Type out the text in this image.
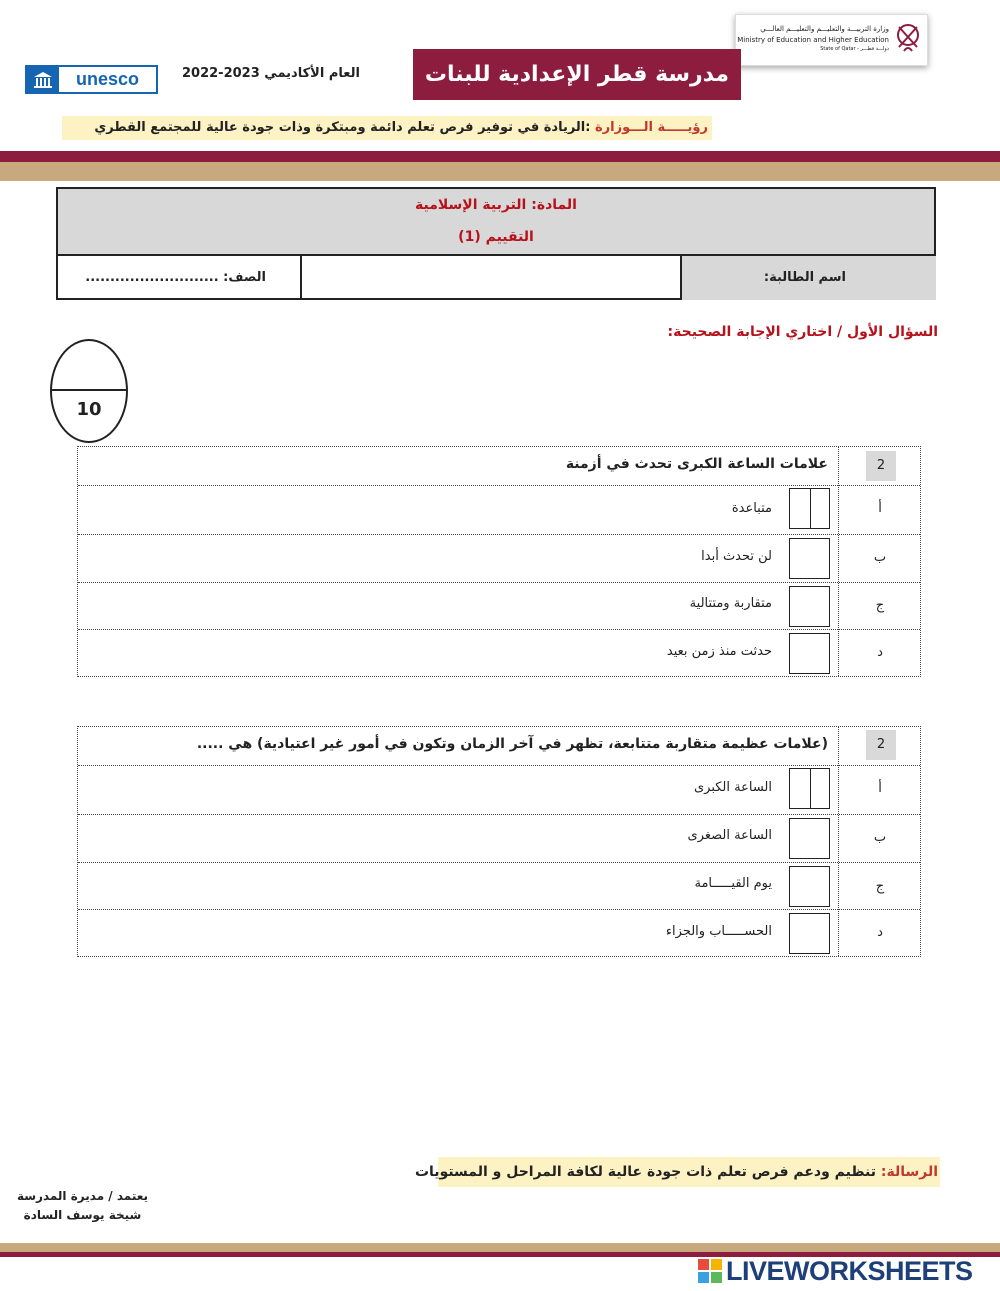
وزارة التربيـــة والتعليـــم والتعليـــم العالـــي
Ministry of Education and Higher Education
State of Qatar - دولـــة قطـــر
مدرسة قطر الإعدادية للبنات
unesco	العام الأكاديمي 2022-2023
رؤيـــــة الـــوزارة :الريادة في توفير فرص تعلم دائمة ومبتكرة وذات جودة عالية للمجتمع القطري
المادة: التربية الإسلامية
التقييم (1)
اسم الطالبة:
الصف: ...........................
السؤال الأول / اختاري الإجابة الصحيحة:
10
2
علامات الساعة الكبرى تحدث في أزمنة
أ
متباعدة
ب
لن تحدث أبدا
ج
متقاربة ومتتالية
د
حدثت منذ زمن بعيد
2
(علامات عظيمة متقاربة متتابعة، تظهر في آخر الزمان وتكون في أمور غير اعتيادية) هي .....
أ
الساعة الكبرى
ب
الساعة الصغرى
ج
يوم القيـــــامة
د
الحســـــاب والجزاء
الرسالة: تنظيم ودعم فرص تعلم ذات جودة عالية لكافة المراحل و المستويات
يعتمد / مديرة المدرسة
شيخة يوسف السادة
LIVEWORKSHEETS
